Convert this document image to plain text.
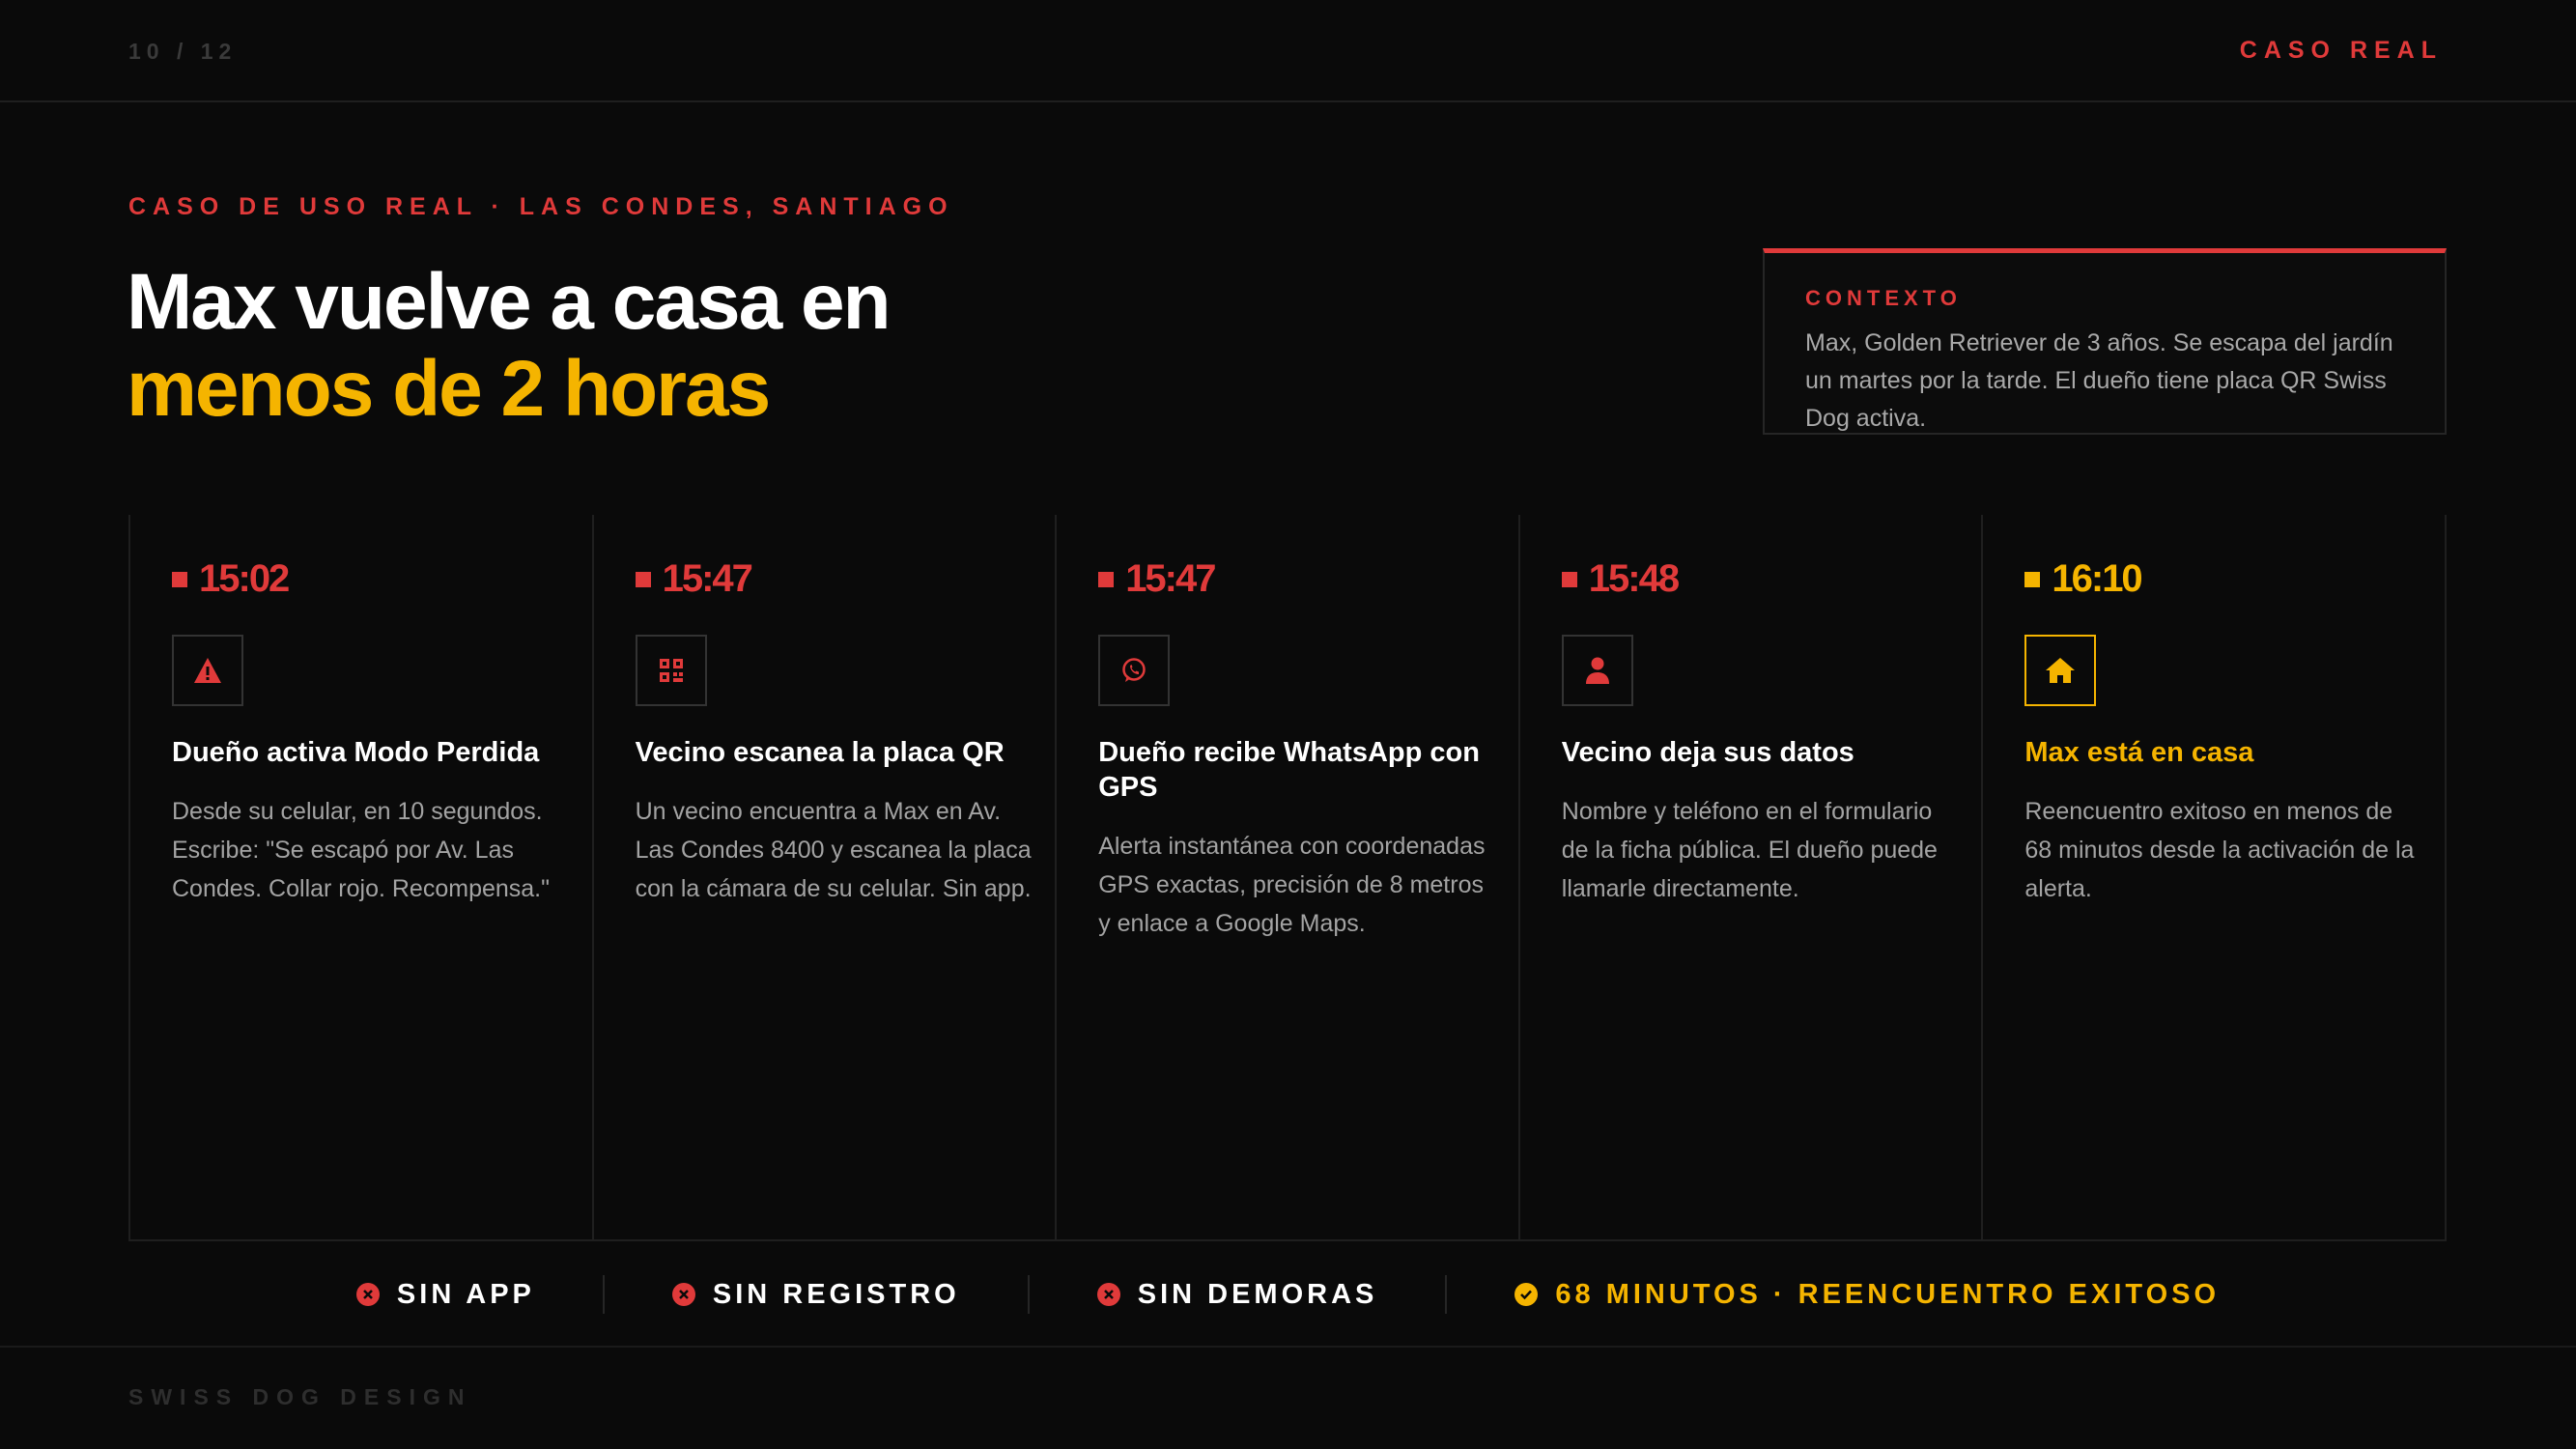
10 / 12	CASO REAL
CASO DE USO REAL · LAS CONDES, SANTIAGO
Max vuelve a casa en
menos de 2 horas
CONTEXTO
Max, Golden Retriever de 3 años. Se escapa del jardín un martes por la tarde. El dueño tiene placa QR Swiss Dog activa.
15:02
Dueño activa Modo Perdida
Desde su celular, en 10 segundos. Escribe: "Se escapó por Av. Las Condes. Collar rojo. Recompensa."
15:47
Vecino escanea la placa QR
Un vecino encuentra a Max en Av. Las Condes 8400 y escanea la placa con la cámara de su celular. Sin app.
15:47
Dueño recibe WhatsApp con GPS
Alerta instantánea con coordenadas GPS exactas, precisión de 8 metros y enlace a Google Maps.
15:48
Vecino deja sus datos
Nombre y teléfono en el formulario de la ficha pública. El dueño puede llamarle directamente.
16:10
Max está en casa
Reencuentro exitoso en menos de 68 minutos desde la activación de la alerta.
SIN APP	SIN REGISTRO	SIN DEMORAS	68 MINUTOS · REENCUENTRO EXITOSO
SWISS DOG DESIGN
